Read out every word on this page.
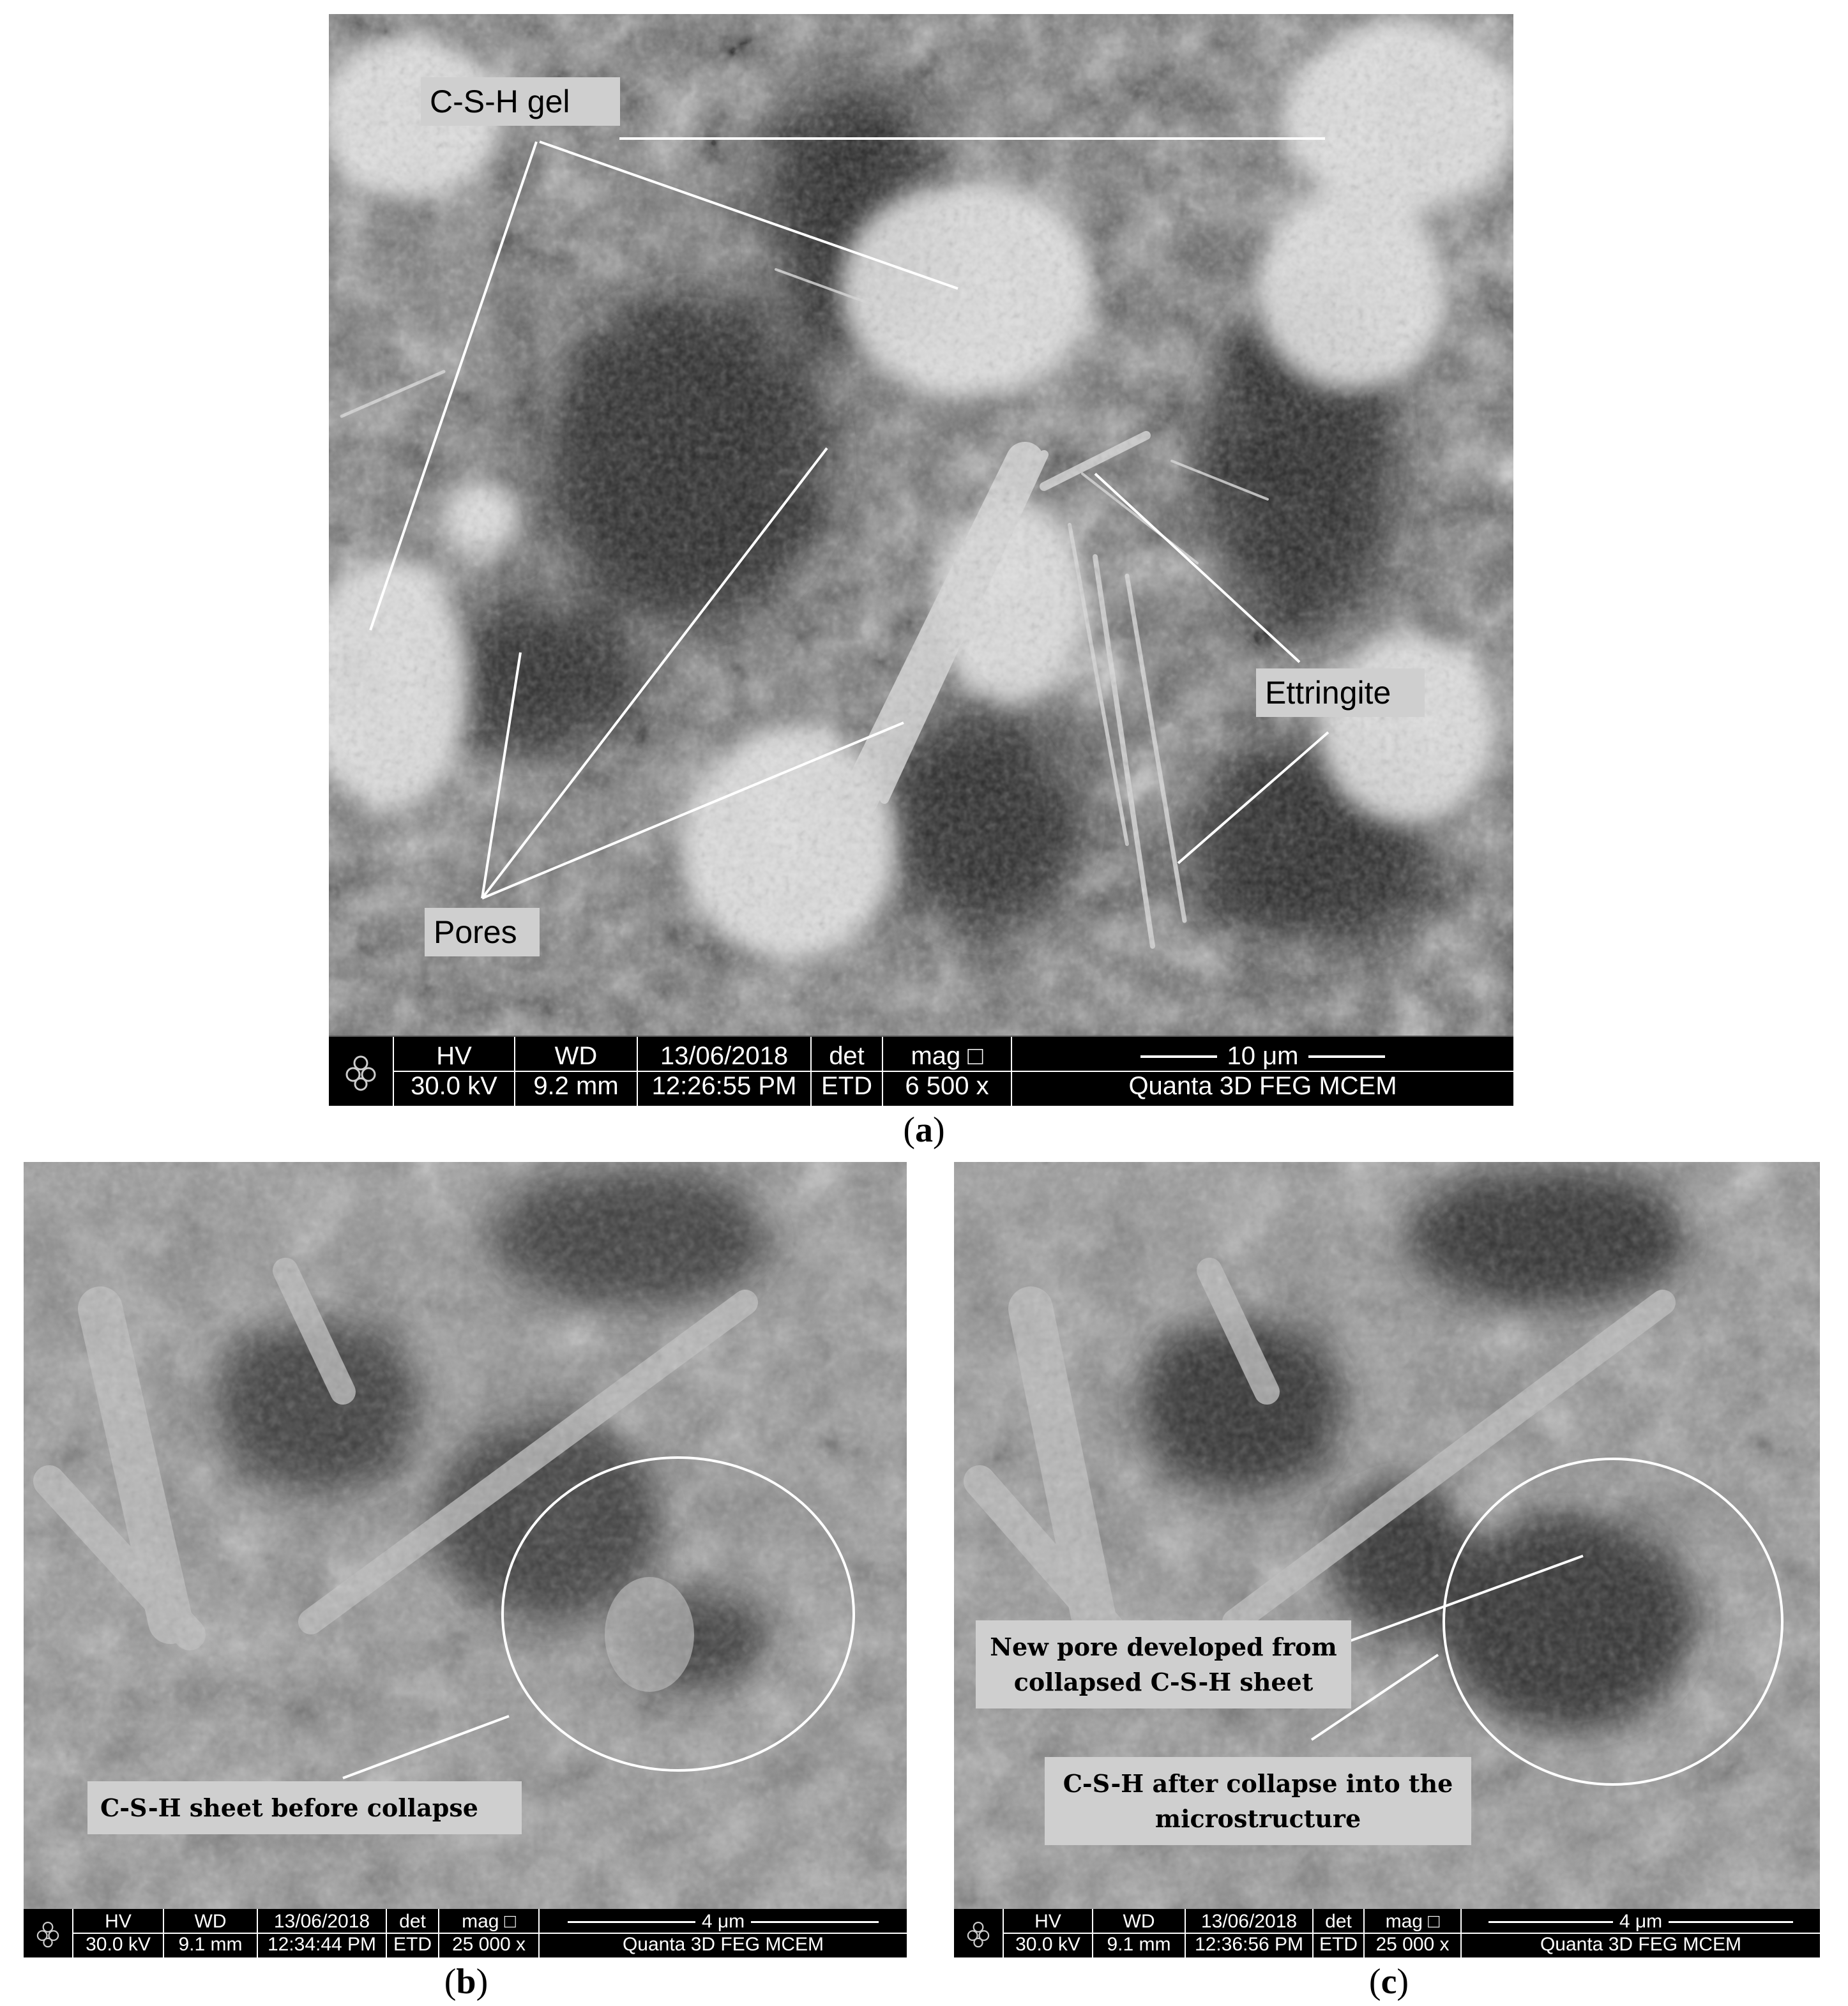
C-S-H gel
Ettringite
Pores
HV
30.0 kV
WD
9.2 mm
13/06/2018
12:26:55 PM
det
ETD
mag □
6 500 x
10 μm
Quanta 3D FEG MCEM
(a)
C-S-H sheet before collapse
HV
30.0 kV
WD
9.1 mm
13/06/2018
12:34:44 PM
det
ETD
mag □
25 000 x
4 μm
Quanta 3D FEG MCEM
(b)
New pore developed from
collapsed C-S-H sheet
C-S-H after collapse into the
microstructure
HV
30.0 kV
WD
9.1 mm
13/06/2018
12:36:56 PM
det
ETD
mag □
25 000 x
4 μm
Quanta 3D FEG MCEM
(c)
